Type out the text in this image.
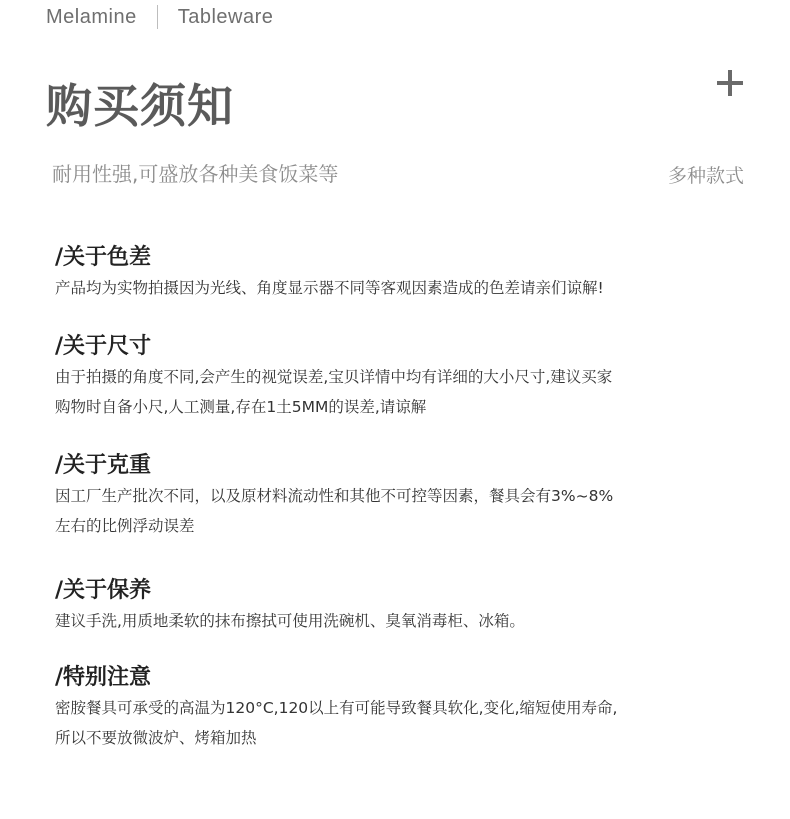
Melamine Tableware
购买须知
耐用性强,可盛放各种美食饭菜等	多种款式

/关于色差

产品均为实物拍摄因为光线、角度显示器不同等客观因素造成的色差请亲们谅解!

/关于尺寸

由于拍摄的角度不同,会产生的视觉误差,宝贝详情中均有详细的大小尺寸,建议买家
购物时自备小尺,人工测量,存在1土5MM的误差,请谅解

/关于克重

因工厂生产批次不同，以及原材料流动性和其他不可控等因素，餐具会有3%~8%
左右的比例浮动误差

/关于保养

建议手洗,用质地柔软的抹布擦拭可使用洗碗机、臭氧消毒柜、冰箱。

/特别注意

密胺餐具可承受的高温为120°C,120以上有可能导致餐具软化,变化,缩短使用寿命,
所以不要放微波炉、烤箱加热
